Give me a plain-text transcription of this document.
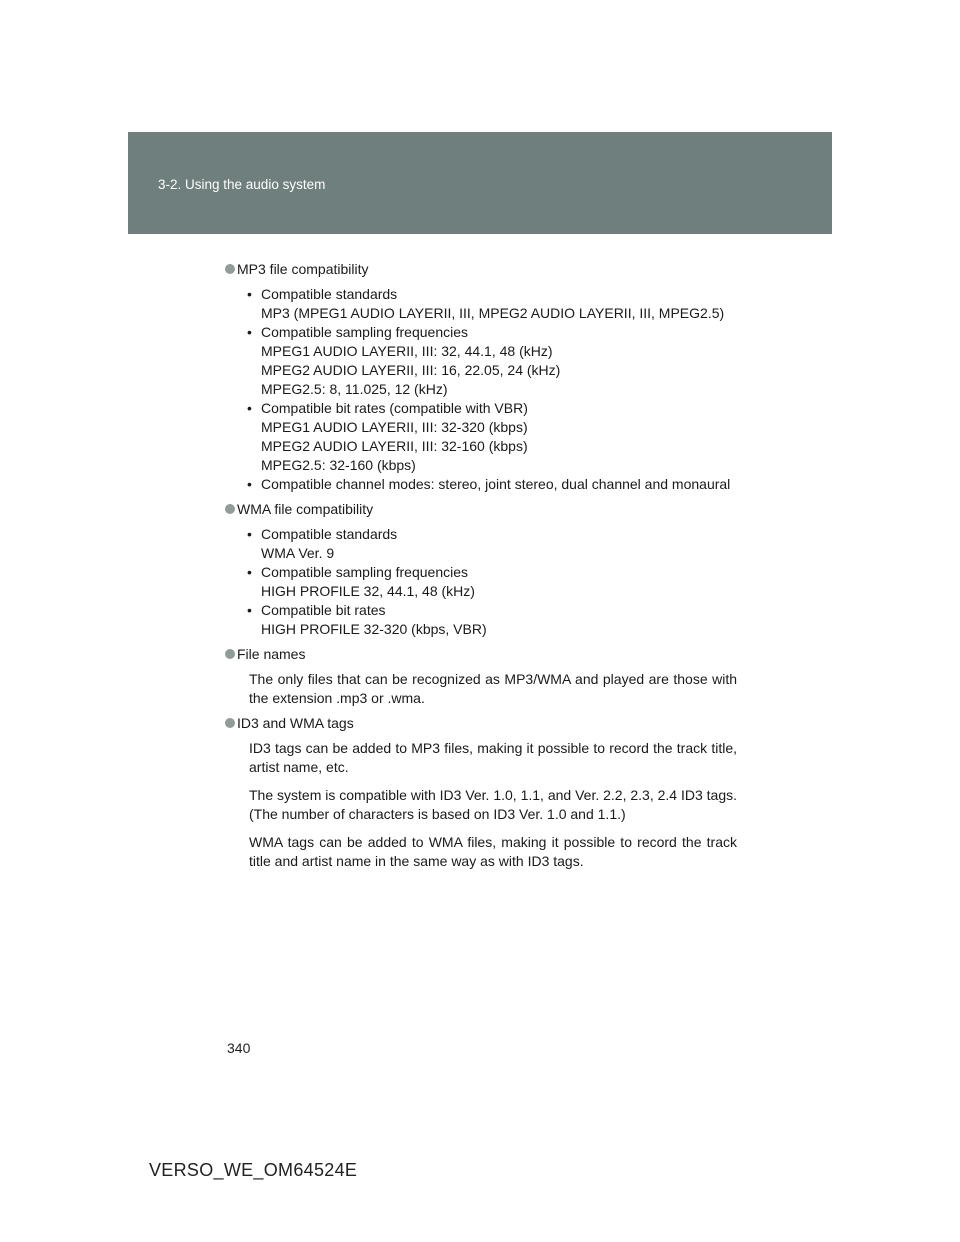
3-2. Using the audio system
MP3 file compatibility
• Compatible standards
MP3 (MPEG1 AUDIO LAYERII, III, MPEG2 AUDIO LAYERII, III, MPEG2.5)
• Compatible sampling frequencies
MPEG1 AUDIO LAYERII, III: 32, 44.1, 48 (kHz)
MPEG2 AUDIO LAYERII, III: 16, 22.05, 24 (kHz)
MPEG2.5: 8, 11.025, 12 (kHz)
• Compatible bit rates (compatible with VBR)
MPEG1 AUDIO LAYERII, III: 32-320 (kbps)
MPEG2 AUDIO LAYERII, III: 32-160 (kbps)
MPEG2.5: 32-160 (kbps)
• Compatible channel modes: stereo, joint stereo, dual channel and monaural
WMA file compatibility
• Compatible standards
WMA Ver. 9
• Compatible sampling frequencies
HIGH PROFILE 32, 44.1, 48 (kHz)
• Compatible bit rates
HIGH PROFILE 32-320 (kbps, VBR)
File names
The only files that can be recognized as MP3/WMA and played are those with the extension .mp3 or .wma.
ID3 and WMA tags
ID3 tags can be added to MP3 files, making it possible to record the track title, artist name, etc.
The system is compatible with ID3 Ver. 1.0, 1.1, and Ver. 2.2, 2.3, 2.4 ID3 tags. (The number of characters is based on ID3 Ver. 1.0 and 1.1.)
WMA tags can be added to WMA files, making it possible to record the track title and artist name in the same way as with ID3 tags.
340
VERSO_WE_OM64524E
